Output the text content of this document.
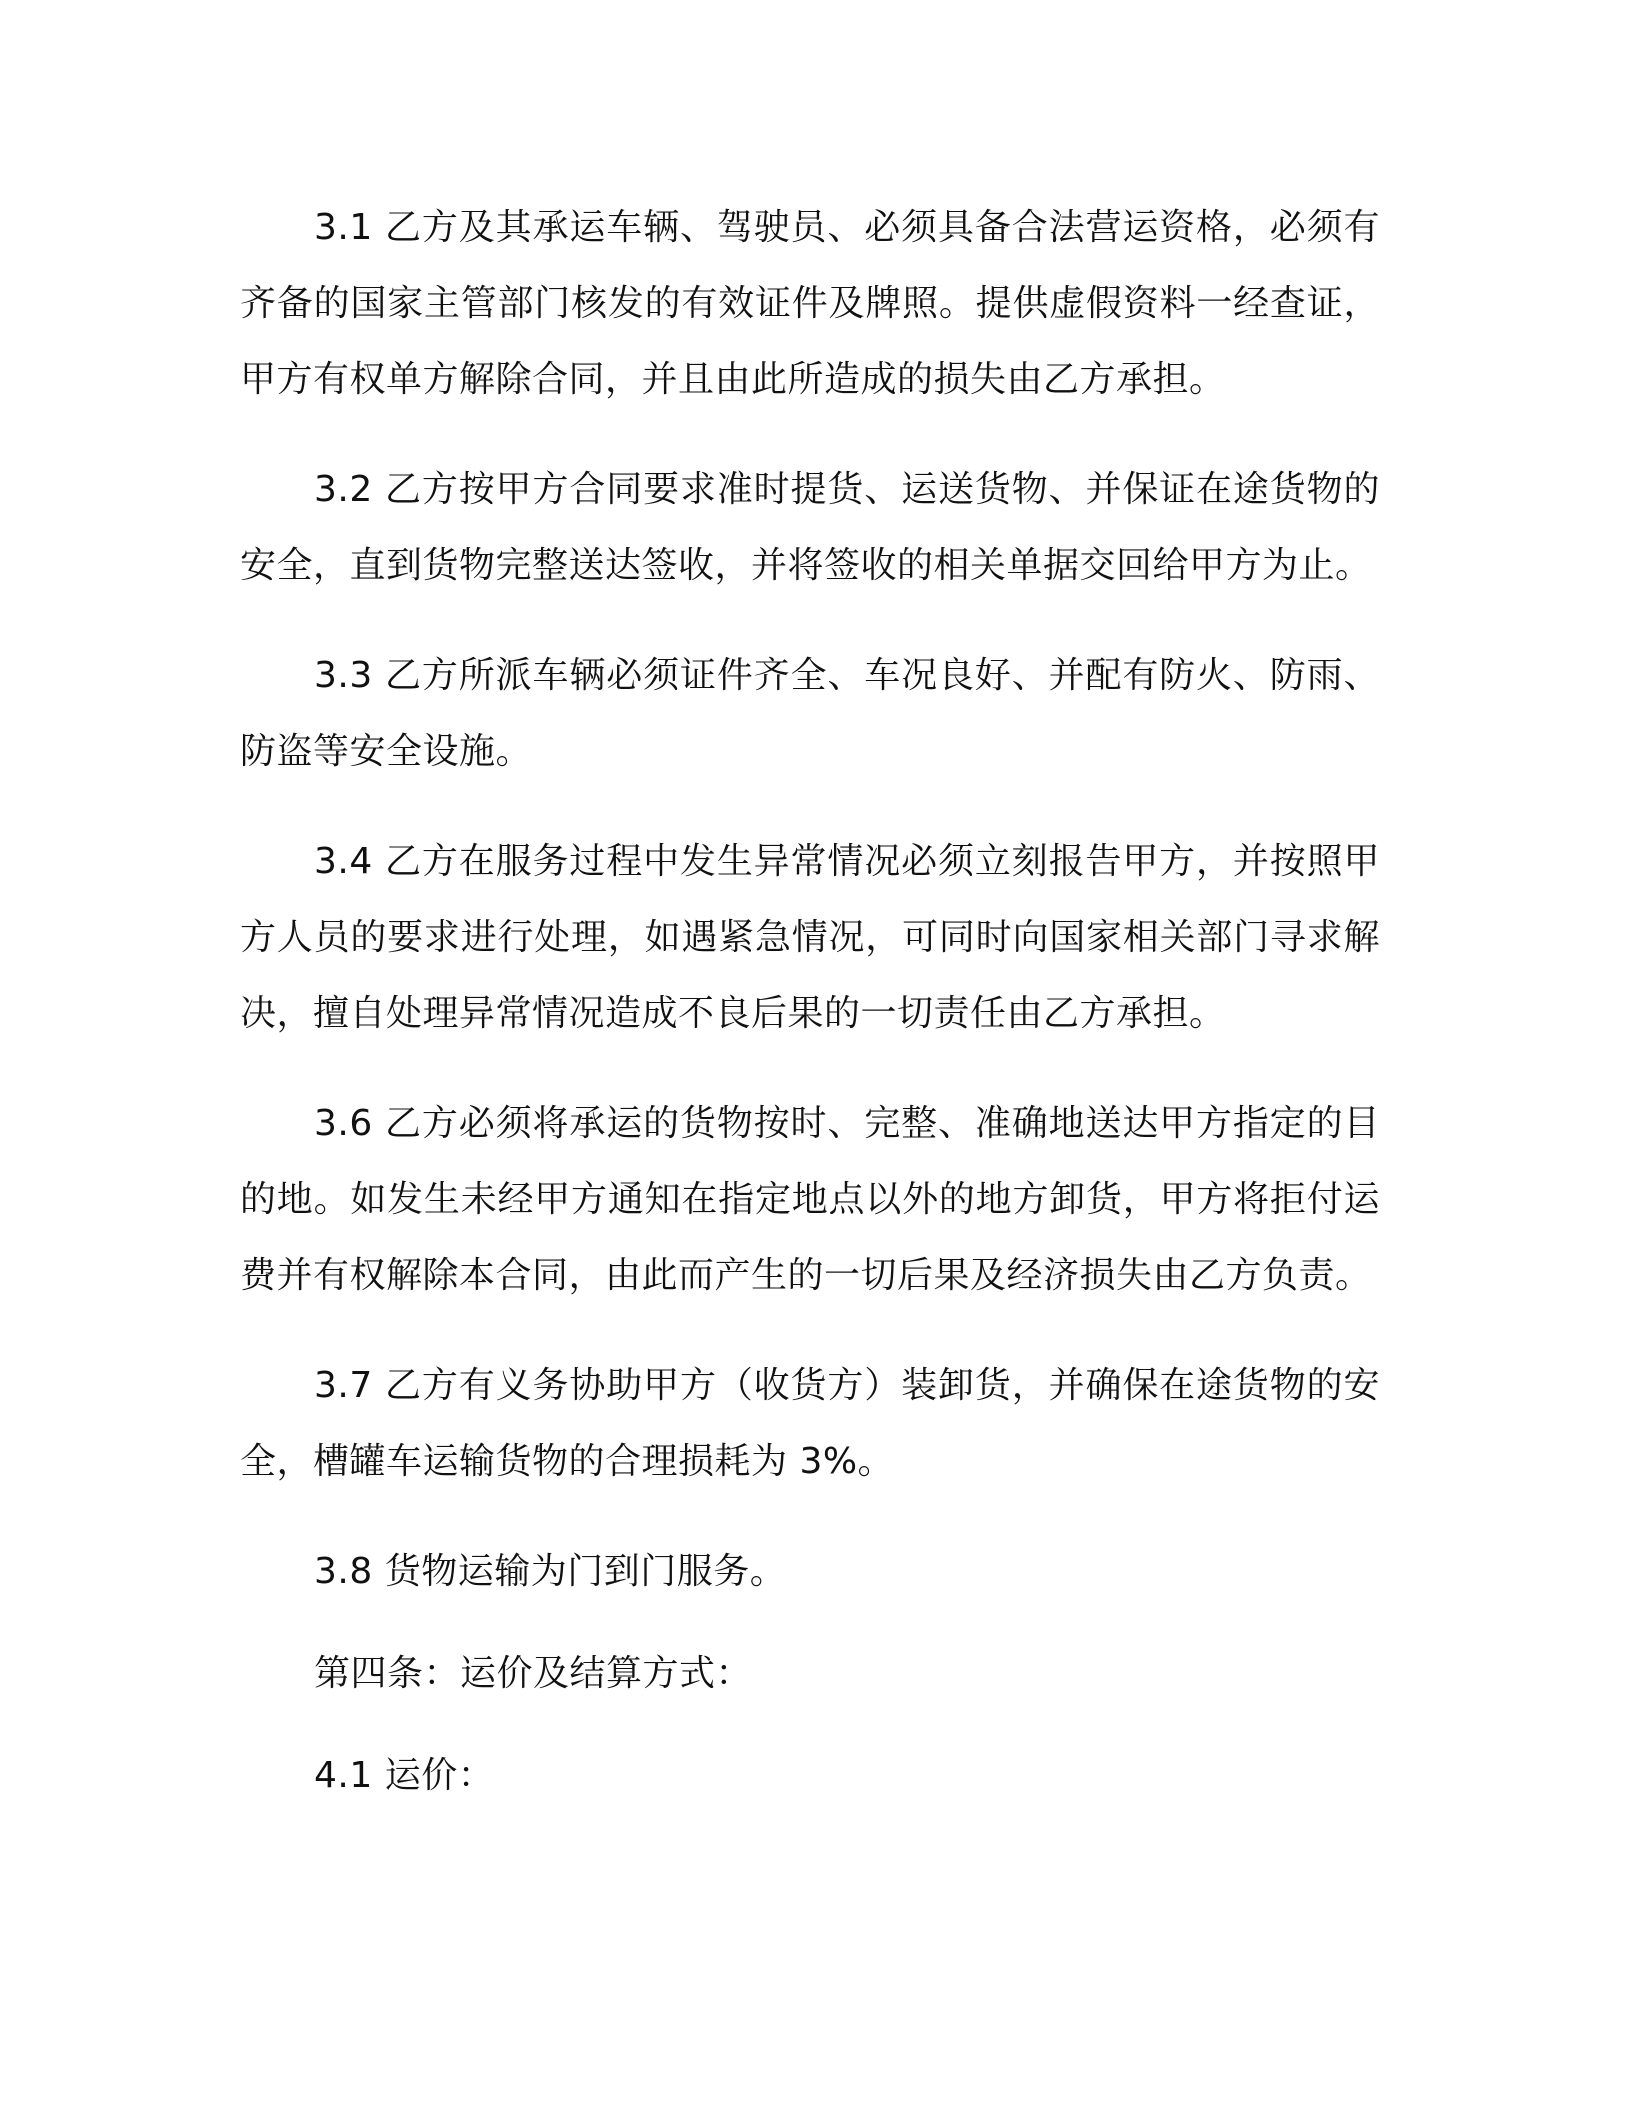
3.1 乙方及其承运车辆、驾驶员、必须具备合法营运资格，必须有齐备的国家主管部门核发的有效证件及牌照。提供虚假资料一经查证，甲方有权单方解除合同，并且由此所造成的损失由乙方承担。

3.2 乙方按甲方合同要求准时提货、运送货物、并保证在途货物的安全，直到货物完整送达签收，并将签收的相关单据交回给甲方为止。

3.3 乙方所派车辆必须证件齐全、车况良好、并配有防火、防雨、防盗等安全设施。

3.4 乙方在服务过程中发生异常情况必须立刻报告甲方，并按照甲方人员的要求进行处理，如遇紧急情况，可同时向国家相关部门寻求解决，擅自处理异常情况造成不良后果的一切责任由乙方承担。

3.6 乙方必须将承运的货物按时、完整、准确地送达甲方指定的目的地。如发生未经甲方通知在指定地点以外的地方卸货，甲方将拒付运费并有权解除本合同，由此而产生的一切后果及经济损失由乙方负责。

3.7 乙方有义务协助甲方（收货方）装卸货，并确保在途货物的安全，槽罐车运输货物的合理损耗为 3%。

3.8 货物运输为门到门服务。

第四条：运价及结算方式：

4.1 运价：
